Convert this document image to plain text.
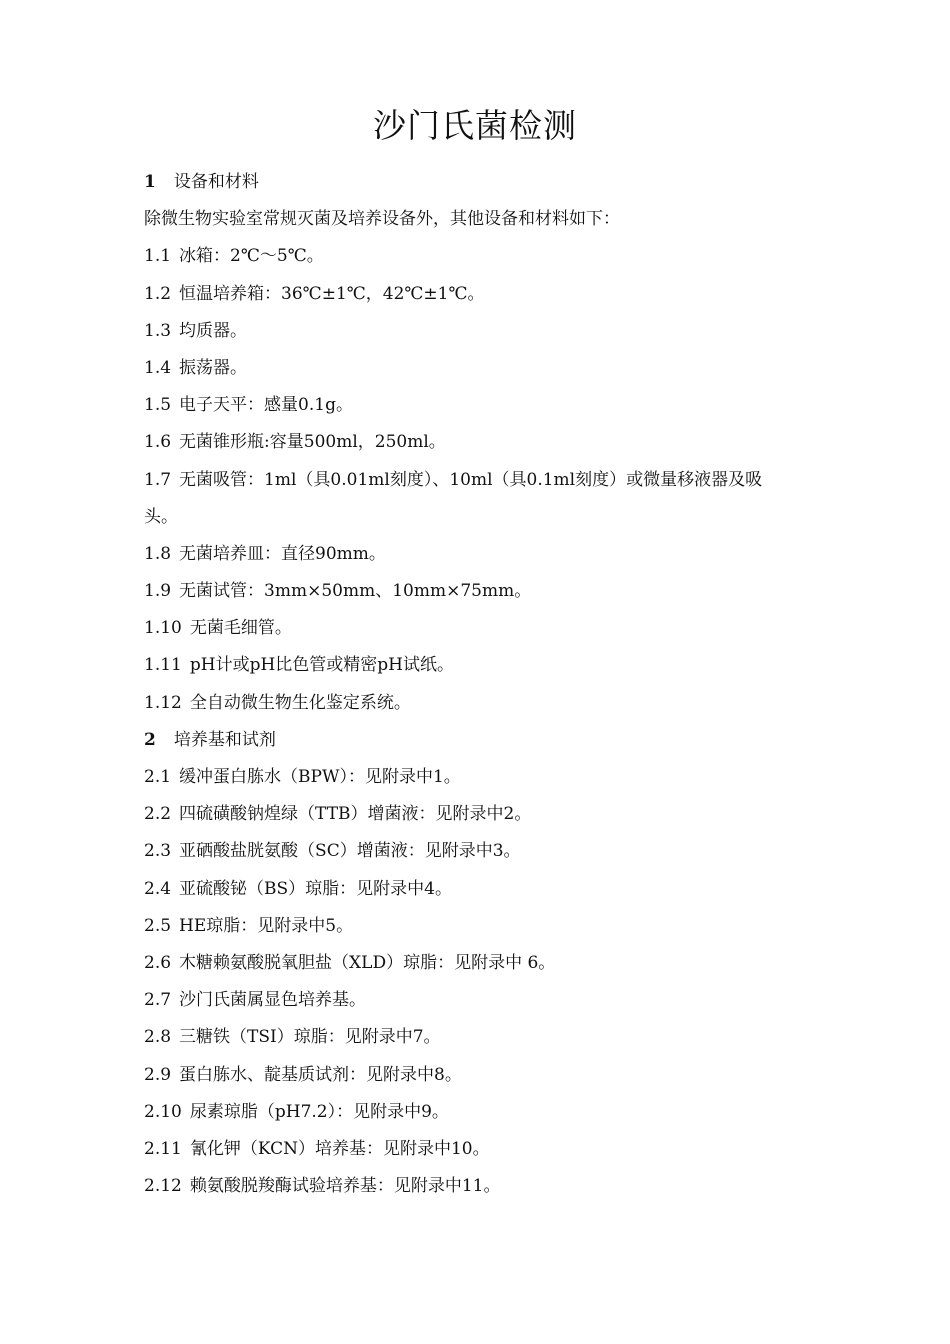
沙门氏菌检测
1 设备和材料
除微生物实验室常规灭菌及培养设备外，其他设备和材料如下：
1.1 冰箱：2℃～5℃。
1.2 恒温培养箱：36℃±1℃，42℃±1℃。
1.3 均质器。
1.4 振荡器。
1.5 电子天平：感量0.1g。
1.6 无菌锥形瓶:容量500ml，250ml。
1.7 无菌吸管：1ml（具0.01ml刻度）、10ml（具0.1ml刻度）或微量移液器及吸
头。
1.8 无菌培养皿：直径90mm。
1.9 无菌试管：3mm×50mm、10mm×75mm。
1.10 无菌毛细管。
1.11 pH计或pH比色管或精密pH试纸。
1.12 全自动微生物生化鉴定系统。
2 培养基和试剂
2.1 缓冲蛋白胨水（BPW）：见附录中1。
2.2 四硫磺酸钠煌绿（TTB）增菌液：见附录中2。
2.3 亚硒酸盐胱氨酸（SC）增菌液：见附录中3。
2.4 亚硫酸铋（BS）琼脂：见附录中4。
2.5 HE琼脂：见附录中5。
2.6 木糖赖氨酸脱氧胆盐（XLD）琼脂：见附录中 6。
2.7 沙门氏菌属显色培养基。
2.8 三糖铁（TSI）琼脂：见附录中7。
2.9 蛋白胨水、靛基质试剂：见附录中8。
2.10 尿素琼脂（pH7.2）：见附录中9。
2.11 氰化钾（KCN）培养基：见附录中10。
2.12 赖氨酸脱羧酶试验培养基：见附录中11。
